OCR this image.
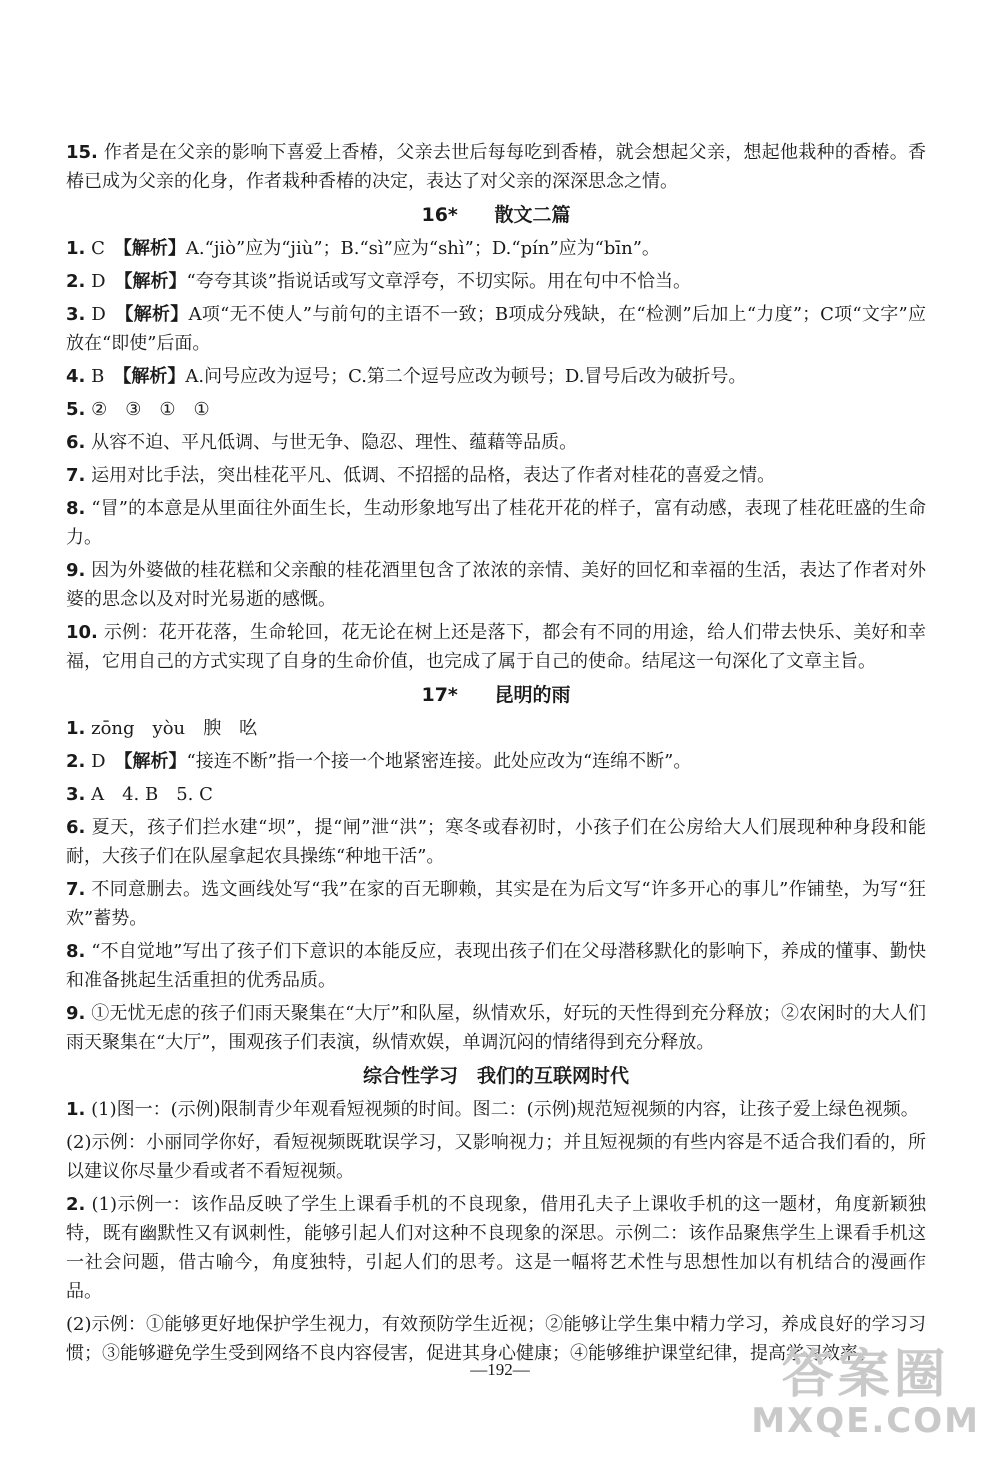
15. 作者是在父亲的影响下喜爱上香椿，父亲去世后每每吃到香椿，就会想起父亲，想起他栽种的香椿。香椿已成为父亲的化身，作者栽种香椿的决定，表达了对父亲的深深思念之情。

16* 散文二篇

1. C　 【解析】A.“jiò”应为“jiù”；B.“sì”应为“shì”；D.“pín”应为“bīn”。

2. D　 【解析】“夸夸其谈”指说话或写文章浮夸，不切实际。用在句中不恰当。

3. D　 【解析】A项“无不使人”与前句的主语不一致；B项成分残缺，在“检测”后加上“力度”；C项“文字”应放在“即使”后面。

4. B　 【解析】A.问号应改为逗号；C.第二个逗号应改为顿号；D.冒号后改为破折号。

5. ②　③　①　①

6. 从容不迫、平凡低调、与世无争、隐忍、理性、蕴藉等品质。

7. 运用对比手法，突出桂花平凡、低调、不招摇的品格，表达了作者对桂花的喜爱之情。

8. “冒”的本意是从里面往外面生长，生动形象地写出了桂花开花的样子，富有动感，表现了桂花旺盛的生命力。

9. 因为外婆做的桂花糕和父亲酿的桂花酒里包含了浓浓的亲情、美好的回忆和幸福的生活，表达了作者对外婆的思念以及对时光易逝的感慨。

10. 示例：花开花落，生命轮回，花无论在树上还是落下，都会有不同的用途，给人们带去快乐、美好和幸福，它用自己的方式实现了自身的生命价值，也完成了属于自己的使命。结尾这一句深化了文章主旨。

17* 昆明的雨

1. zōng　yòu　腴　吆

2. D　 【解析】“接连不断”指一个接一个地紧密连接。此处应改为“连绵不断”。

3. A　4. B　5. C

6. 夏天，孩子们拦水建“坝”，提“闸”泄“洪”；寒冬或春初时，小孩子们在公房给大人们展现种种身段和能耐，大孩子们在队屋拿起农具操练“种地干活”。

7. 不同意删去。选文画线处写“我”在家的百无聊赖，其实是在为后文写“许多开心的事儿”作铺垫，为写“狂欢”蓄势。

8. “不自觉地”写出了孩子们下意识的本能反应，表现出孩子们在父母潜移默化的影响下，养成的懂事、勤快和准备挑起生活重担的优秀品质。

9. ①无忧无虑的孩子们雨天聚集在“大厅”和队屋，纵情欢乐，好玩的天性得到充分释放；②农闲时的大人们雨天聚集在“大厅”，围观孩子们表演，纵情欢娱，单调沉闷的情绪得到充分释放。

综合性学习　我们的互联网时代

1. (1)图一：(示例)限制青少年观看短视频的时间。图二：(示例)规范短视频的内容，让孩子爱上绿色视频。

(2)示例：小丽同学你好，看短视频既耽误学习，又影响视力；并且短视频的有些内容是不适合我们看的，所以建议你尽量少看或者不看短视频。

2. (1)示例一：该作品反映了学生上课看手机的不良现象，借用孔夫子上课收手机的这一题材，角度新颖独特，既有幽默性又有讽刺性，能够引起人们对这种不良现象的深思。示例二：该作品聚焦学生上课看手机这一社会问题，借古喻今，角度独特，引起人们的思考。这是一幅将艺术性与思想性加以有机结合的漫画作品。

(2)示例：①能够更好地保护学生视力，有效预防学生近视；②能够让学生集中精力学习，养成良好的学习习惯；③能够避免学生受到网络不良内容侵害，促进其身心健康；④能够维护课堂纪律，提高学习效率。

—192—	答案圈
MXQE.COM
